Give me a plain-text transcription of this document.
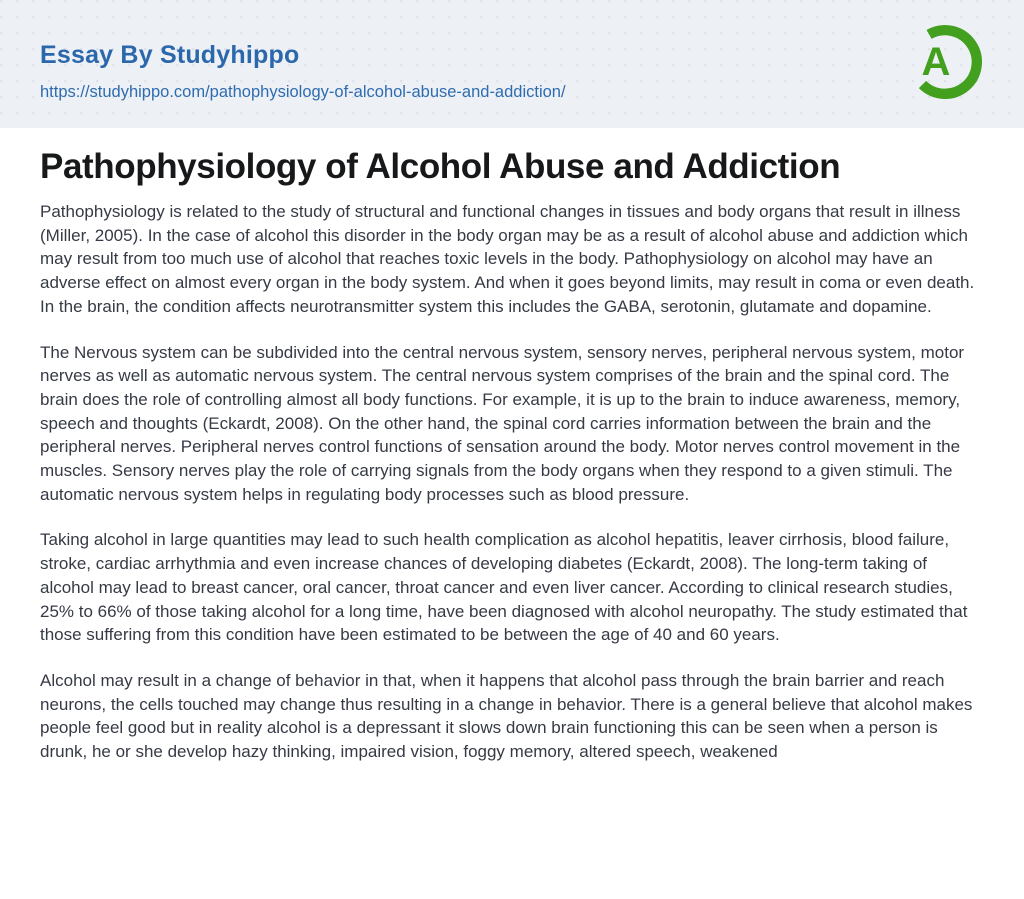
Essay By Studyhippo
https://studyhippo.com/pathophysiology-of-alcohol-abuse-and-addiction/
A
Pathophysiology of Alcohol Abuse and Addiction

Pathophysiology is related to the study of structural and functional changes in tissues and body organs that result in illness (Miller, 2005). In the case of alcohol this disorder in the body organ may be as a result of alcohol abuse and addiction which may result from too much use of alcohol that reaches toxic levels in the body. Pathophysiology on alcohol may have an adverse effect on almost every organ in the body system. And when it goes beyond limits, may result in coma or even death. In the brain, the condition affects neurotransmitter system this includes the GABA, serotonin, glutamate and dopamine.

The Nervous system can be subdivided into the central nervous system, sensory nerves, peripheral nervous system, motor nerves as well as automatic nervous system. The central nervous system comprises of the brain and the spinal cord. The brain does the role of controlling almost all body functions. For example, it is up to the brain to induce awareness, memory, speech and thoughts (Eckardt, 2008). On the other hand, the spinal cord carries information between the brain and the peripheral nerves. Peripheral nerves control functions of sensation around the body. Motor nerves control movement in the muscles. Sensory nerves play the role of carrying signals from the body organs when they respond to a given stimuli. The automatic nervous system helps in regulating body processes such as blood pressure.

Taking alcohol in large quantities may lead to such health complication as alcohol hepatitis, leaver cirrhosis, blood failure, stroke, cardiac arrhythmia and even increase chances of developing diabetes (Eckardt, 2008). The long-term taking of alcohol may lead to breast cancer, oral cancer, throat cancer and even liver cancer. According to clinical research studies, 25% to 66% of those taking alcohol for a long time, have been diagnosed with alcohol neuropathy. The study estimated that those suffering from this condition have been estimated to be between the age of 40 and 60 years.

Alcohol may result in a change of behavior in that, when it happens that alcohol pass through the brain barrier and reach neurons, the cells touched may change thus resulting in a change in behavior. There is a general believe that alcohol makes people feel good but in reality alcohol is a depressant it slows down brain functioning this can be seen when a person is drunk, he or she develop hazy thinking, impaired vision, foggy memory, altered speech, weakened
